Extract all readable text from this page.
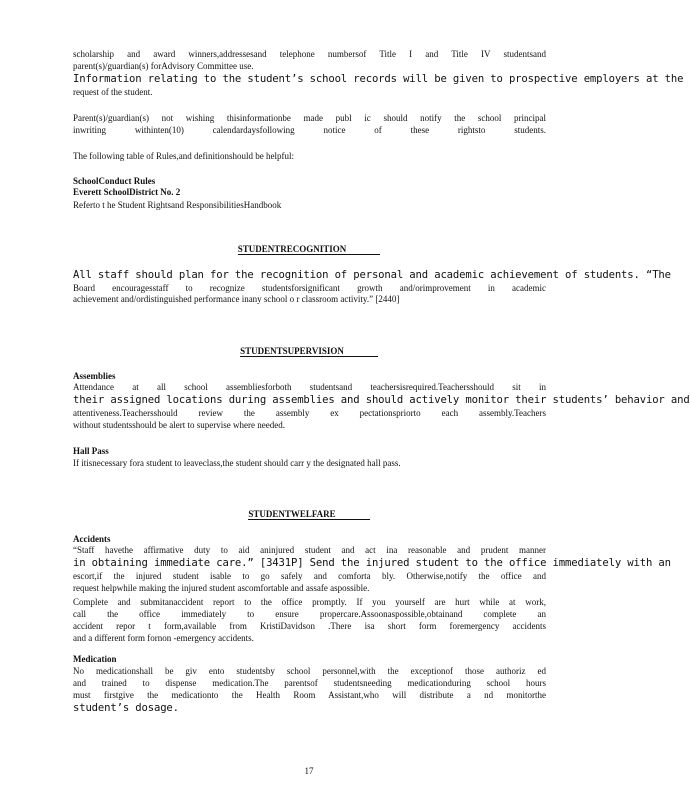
scholarship and award winners,addressesand telephone numbersof Title I and Title IV studentsand
parent(s)/guardian(s) forAdvisory Committee use.
Information relating to the student’s school records will be given to prospective employers at the
request of the student.
Parent(s)/guardian(s) not wishing thisinformationbe made publ ic should notify the school principal
inwriting withinten(10) calendardaysfollowing notice of these rightsto students.
The following table of Rules,and definitionshould be helpful:
SchoolConduct Rules
Everett SchoolDistrict No. 2
Referto t he Student Rightsand ResponsibilitiesHandbook
STUDENTRECOGNITION
All staff should plan for the recognition of personal and academic achievement of students. “The
Board encouragesstaff to recognize studentsforsignificant growth and/orimprovement in academic
achievement and/ordistinguished performance inany school o r classroom activity.” [2440]
STUDENTSUPERVISION
Assemblies
Attendance at all school assembliesforboth studentsand teachersisrequired.Teachersshould sit in
their assigned locations during assemblies and should actively monitor their students’ behavior and
attentiveness.Teachersshould review the assembly ex pectationspriorto each assembly.Teachers
without studentsshould be alert to supervise where needed.
Hall Pass
If itisnecessary fora student to leaveclass,the student should carr y the designated hall pass.
STUDENTWELFARE
Accidents
“Staff havethe affirmative duty to aid aninjured student and act ina reasonable and prudent manner
in obtaining immediate care.” [3431P] Send the injured student to the office immediately with an
escort,if the injured student isable to go safely and comforta bly. Otherwise,notify the office and
request helpwhile making the injured student ascomfortable and assafe aspossible.
Complete and submitanaccident report to the office promptly. If you yourself are hurt while at work,
call the office immediately to ensure propercare.Assoonaspossible,obtainand complete an
accident repor t form,available from KristiDavidson .There isa short form foremergency accidents
and a different form fornon -emergency accidents.
Medication
No medicationshall be giv ento studentsby school personnel,with the exceptionof those authoriz ed
and trained to dispense medication.The parentsof studentsneeding medicationduring school hours
must firstgive the medicationto the Health Room Assistant,who will distribute a nd monitorthe
student’s dosage.
17
